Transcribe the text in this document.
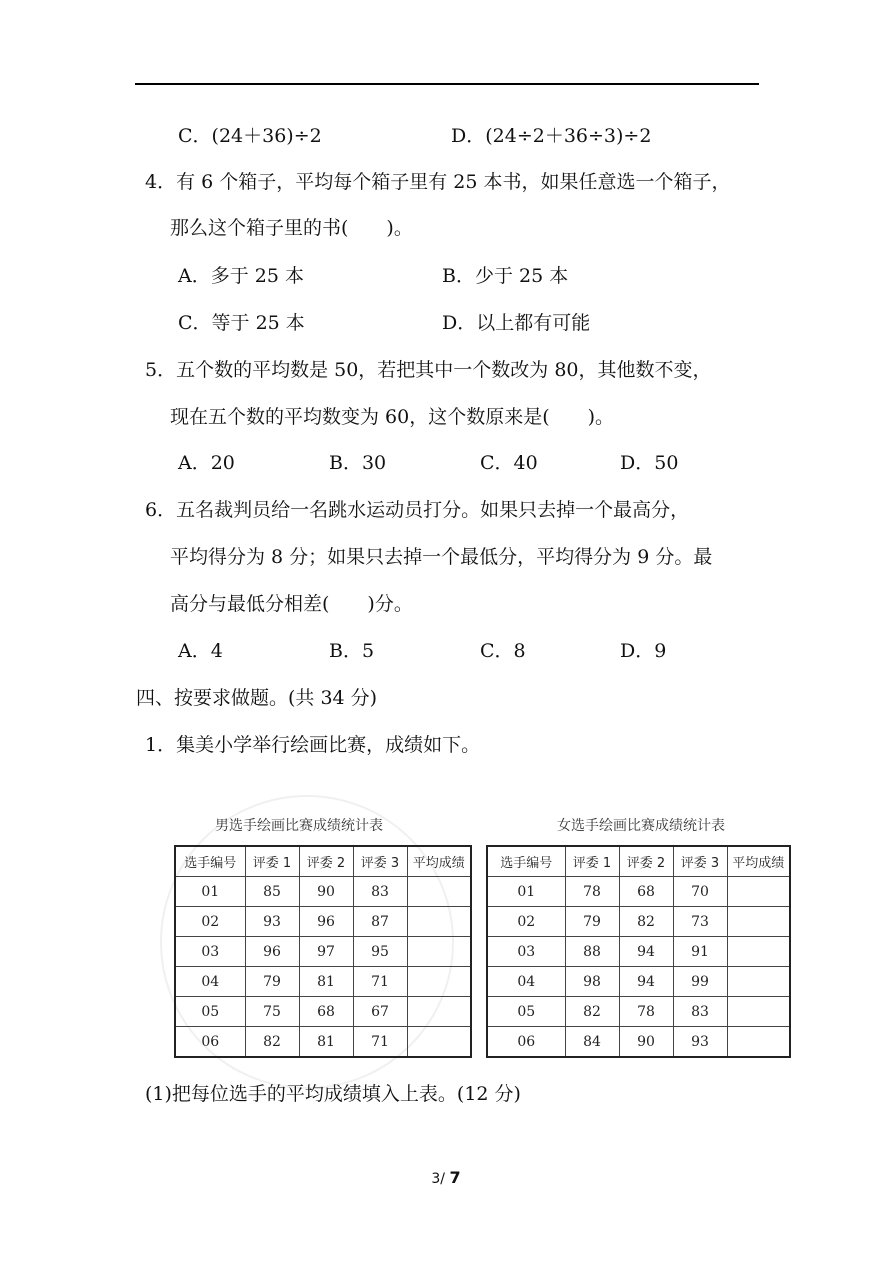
C．(24＋36)÷2	D．(24÷2＋36÷3)÷2
4．有 6 个箱子，平均每个箱子里有 25 本书，如果任意选一个箱子，
那么这个箱子里的书(　　)。
A．多于 25 本	B．少于 25 本
C．等于 25 本	D．以上都有可能
5．五个数的平均数是 50，若把其中一个数改为 80，其他数不变，
现在五个数的平均数变为 60，这个数原来是(　　)。
A．20	B．30	C．40	D．50
6．五名裁判员给一名跳水运动员打分。如果只去掉一个最高分，
平均得分为 8 分；如果只去掉一个最低分，平均得分为 9 分。最
高分与最低分相差(　　)分。
A．4	B．5	C．8	D．9
四、按要求做题。(共 34 分)
1．集美小学举行绘画比赛，成绩如下。
男选手绘画比赛成绩统计表
选手编号	评委 1	评委 2	评委 3	平均成绩
01	85	90	83	
02	93	96	87	
03	96	97	95	
04	79	81	71	
05	75	68	67	
06	82	81	71	
女选手绘画比赛成绩统计表
选手编号	评委 1	评委 2	评委 3	平均成绩
01	78	68	70	
02	79	82	73	
03	88	94	91	
04	98	94	99	
05	82	78	83	
06	84	90	93	
(1)把每位选手的平均成绩填入上表。(12 分)
3/ 7
